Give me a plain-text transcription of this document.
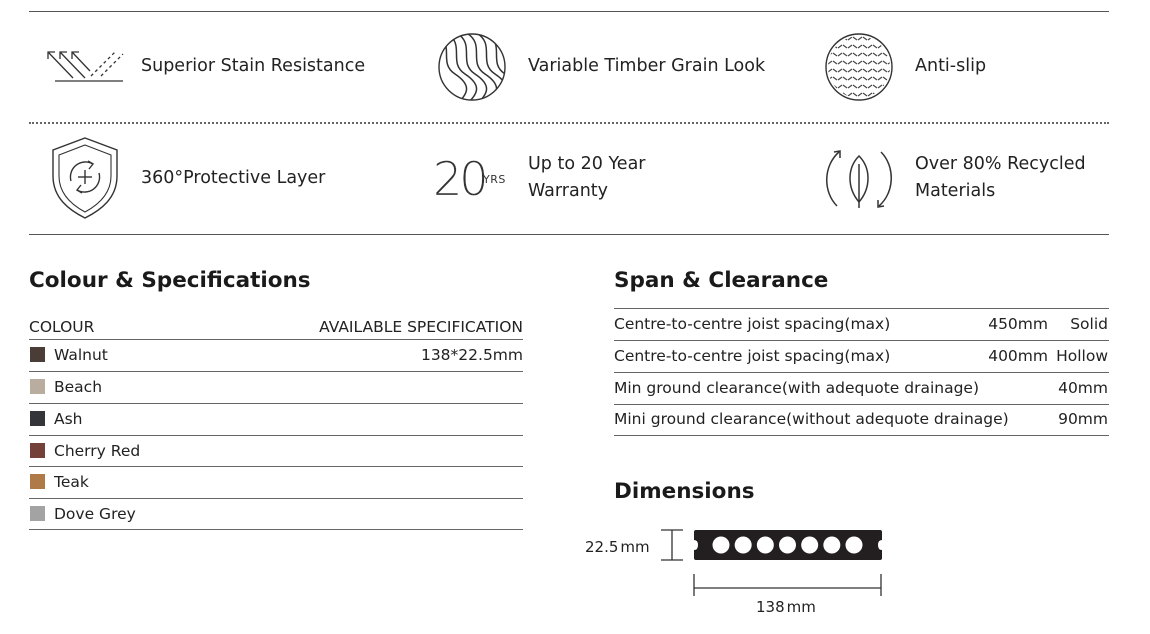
Superior Stain Resistance	Variable Timber Grain Look	Anti-slip
360°Protective Layer 20
YRS
Up to 20 Year
Warranty
Over 80% Recycled
Materials
Colour & Specifications
COLOUR	AVAILABLE SPECIFICATION
Walnut	138*22.5mm
Beach
Ash
Cherry Red
Teak
Dove Grey
Span & Clearance
Centre-to-centre joist spacing(max)	450mm Solid
Centre-to-centre joist spacing(max)	400mm Hollow
Min ground clearance(with adequote drainage)	40mm
Mini ground clearance(without adequote drainage)	90mm
Dimensions
22.5 mm
138 mm
